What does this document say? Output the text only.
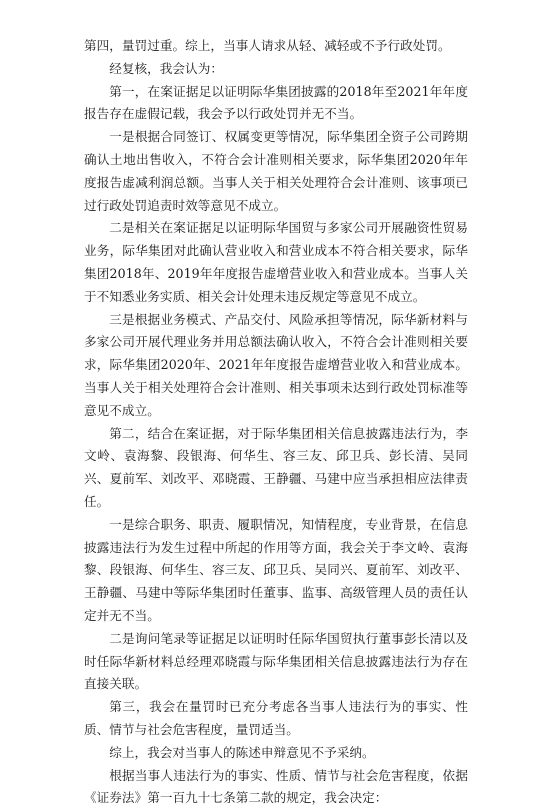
第四，量罚过重。综上，当事人请求从轻、减轻或不予行政处罚。

经复核，我会认为：

第一，在案证据足以证明际华集团披露的2018年至2021年年度报告存在虚假记载，我会予以行政处罚并无不当。

一是根据合同签订、权属变更等情况，际华集团全资子公司跨期确认土地出售收入，不符合会计准则相关要求，际华集团2020年年度报告虚减利润总额。当事人关于相关处理符合会计准则、该事项已过行政处罚追责时效等意见不成立。

二是相关在案证据足以证明际华国贸与多家公司开展融资性贸易业务，际华集团对此确认营业收入和营业成本不符合相关要求，际华集团2018年、2019年年度报告虚增营业收入和营业成本。当事人关于不知悉业务实质、相关会计处理未违反规定等意见不成立。

三是根据业务模式、产品交付、风险承担等情况，际华新材料与多家公司开展代理业务并用总额法确认收入，不符合会计准则相关要求，际华集团2020年、2021年年度报告虚增营业收入和营业成本。当事人关于相关处理符合会计准则、相关事项未达到行政处罚标准等意见不成立。

第二，结合在案证据，对于际华集团相关信息披露违法行为，李文岭、袁海黎、段银海、何华生、容三友、邱卫兵、彭长清、吴同兴、夏前军、刘改平、邓晓霞、王静疆、马建中应当承担相应法律责任。

一是综合职务、职责、履职情况，知情程度，专业背景，在信息披露违法行为发生过程中所起的作用等方面，我会关于李文岭、袁海黎、段银海、何华生、容三友、邱卫兵、吴同兴、夏前军、刘改平、王静疆、马建中等际华集团时任董事、监事、高级管理人员的责任认定并无不当。

二是询问笔录等证据足以证明时任际华国贸执行董事彭长清以及时任际华新材料总经理邓晓霞与际华集团相关信息披露违法行为存在直接关联。

第三，我会在量罚时已充分考虑各当事人违法行为的事实、性质、情节与社会危害程度，量罚适当。

综上，我会对当事人的陈述申辩意见不予采纳。

根据当事人违法行为的事实、性质、情节与社会危害程度，依据《证券法》第一百九十七条第二款的规定，我会决定：
